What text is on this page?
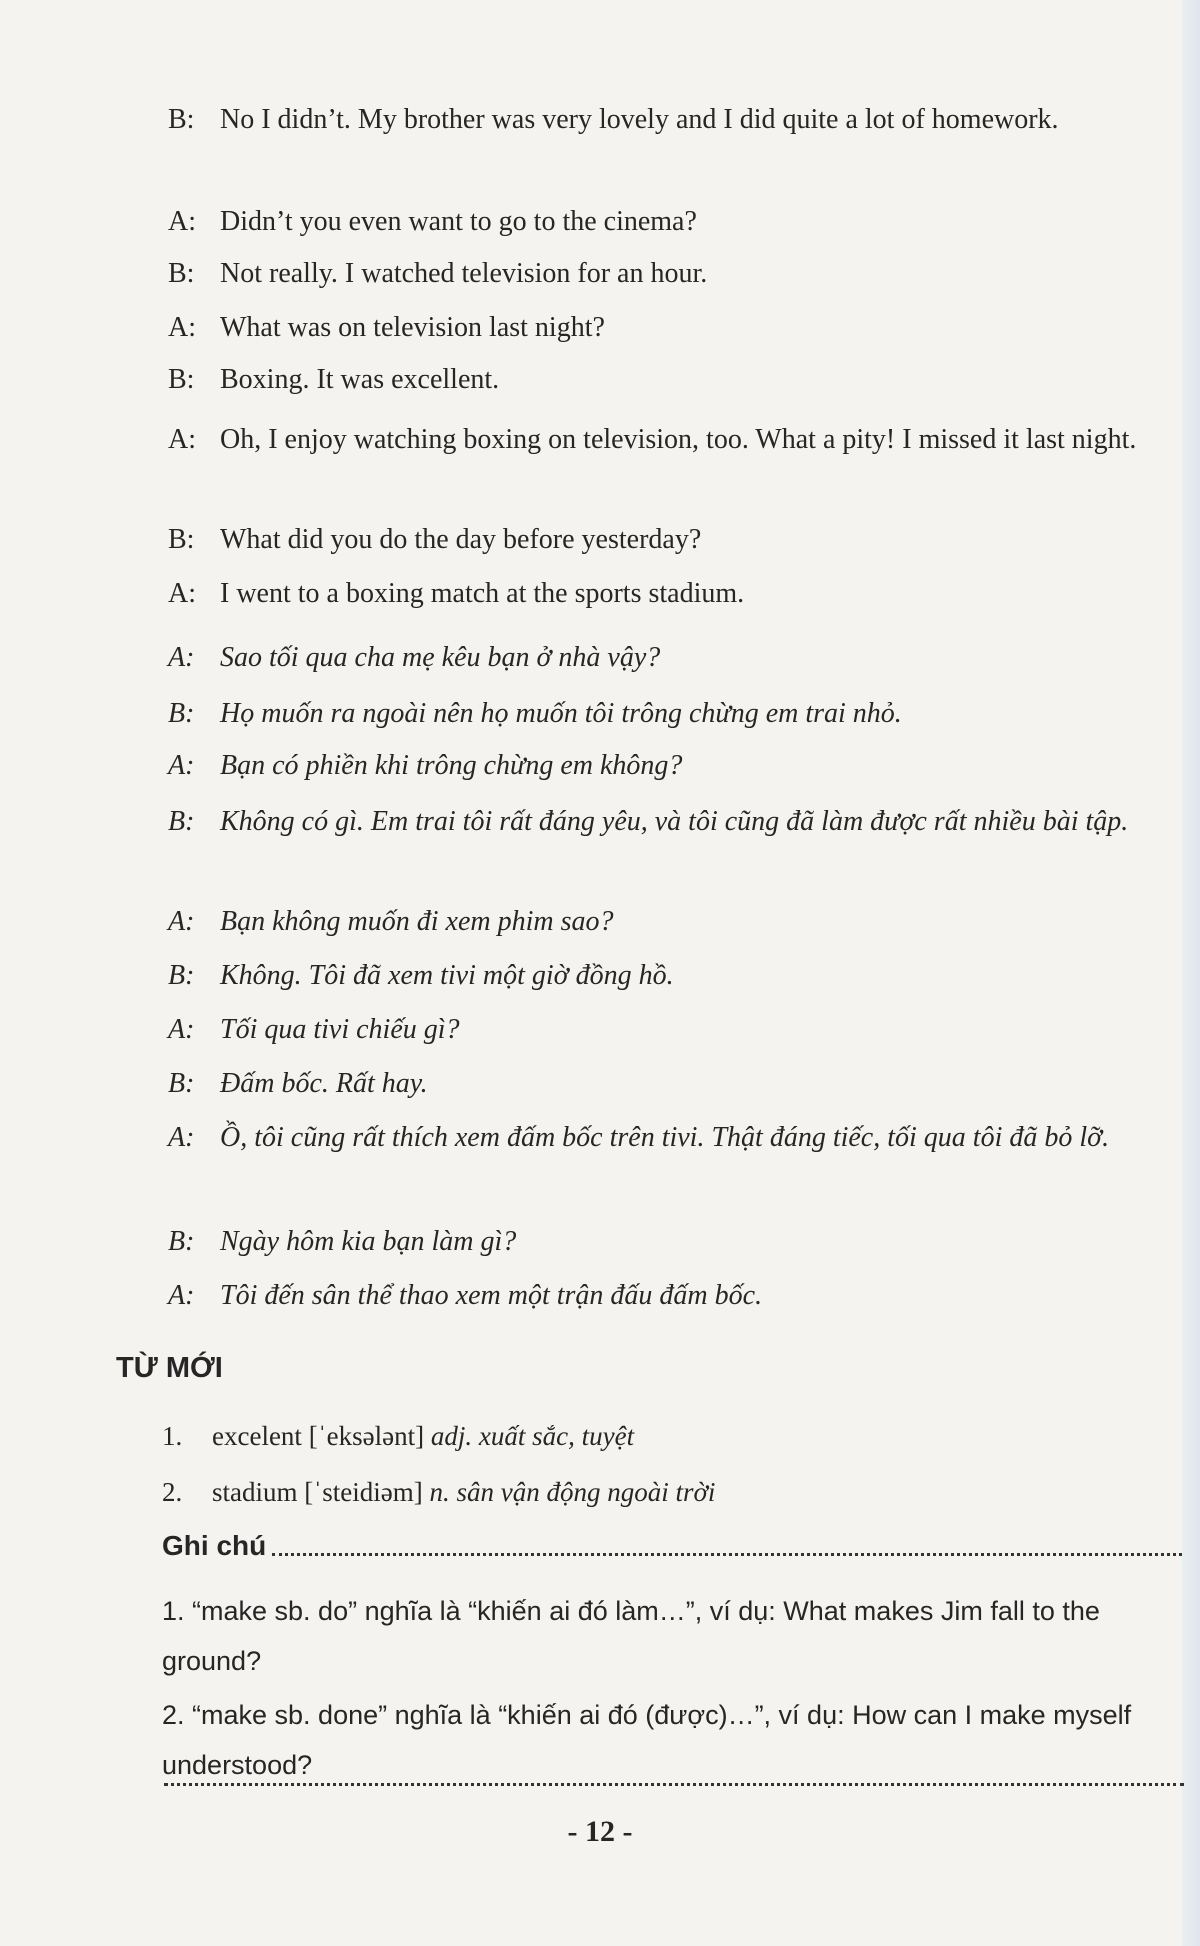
B: No I didn’t. My brother was very lovely and I did quite a lot of homework.
A: Didn’t you even want to go to the cinema?
B: Not really. I watched television for an hour.
A: What was on television last night?
B: Boxing. It was excellent.
A: Oh, I enjoy watching boxing on television, too. What a pity! I missed it last night.
B: What did you do the day before yesterday?
A: I went to a boxing match at the sports stadium.
A: Sao tối qua cha mẹ kêu bạn ở nhà vậy?
B: Họ muốn ra ngoài nên họ muốn tôi trông chừng em trai nhỏ.
A: Bạn có phiền khi trông chừng em không?
B: Không có gì. Em trai tôi rất đáng yêu, và tôi cũng đã làm được rất nhiều bài tập.
A: Bạn không muốn đi xem phim sao?
B: Không. Tôi đã xem tivi một giờ đồng hồ.
A: Tối qua tivi chiếu gì?
B: Đấm bốc. Rất hay.
A: Ồ, tôi cũng rất thích xem đấm bốc trên tivi. Thật đáng tiếc, tối qua tôi đã bỏ lỡ.
B: Ngày hôm kia bạn làm gì?
A: Tôi đến sân thể thao xem một trận đấu đấm bốc.
TỪ MỚI
1. excelent [ˈeksələnt] adj. xuất sắc, tuyệt
2. stadium [ˈsteidiəm] n. sân vận động ngoài trời
Ghi chú
1. “make sb. do” nghĩa là “khiến ai đó làm…”, ví dụ: What makes Jim fall to the ground?
2. “make sb. done” nghĩa là “khiến ai đó (được)…”, ví dụ: How can I make myself understood?
- 12 -
